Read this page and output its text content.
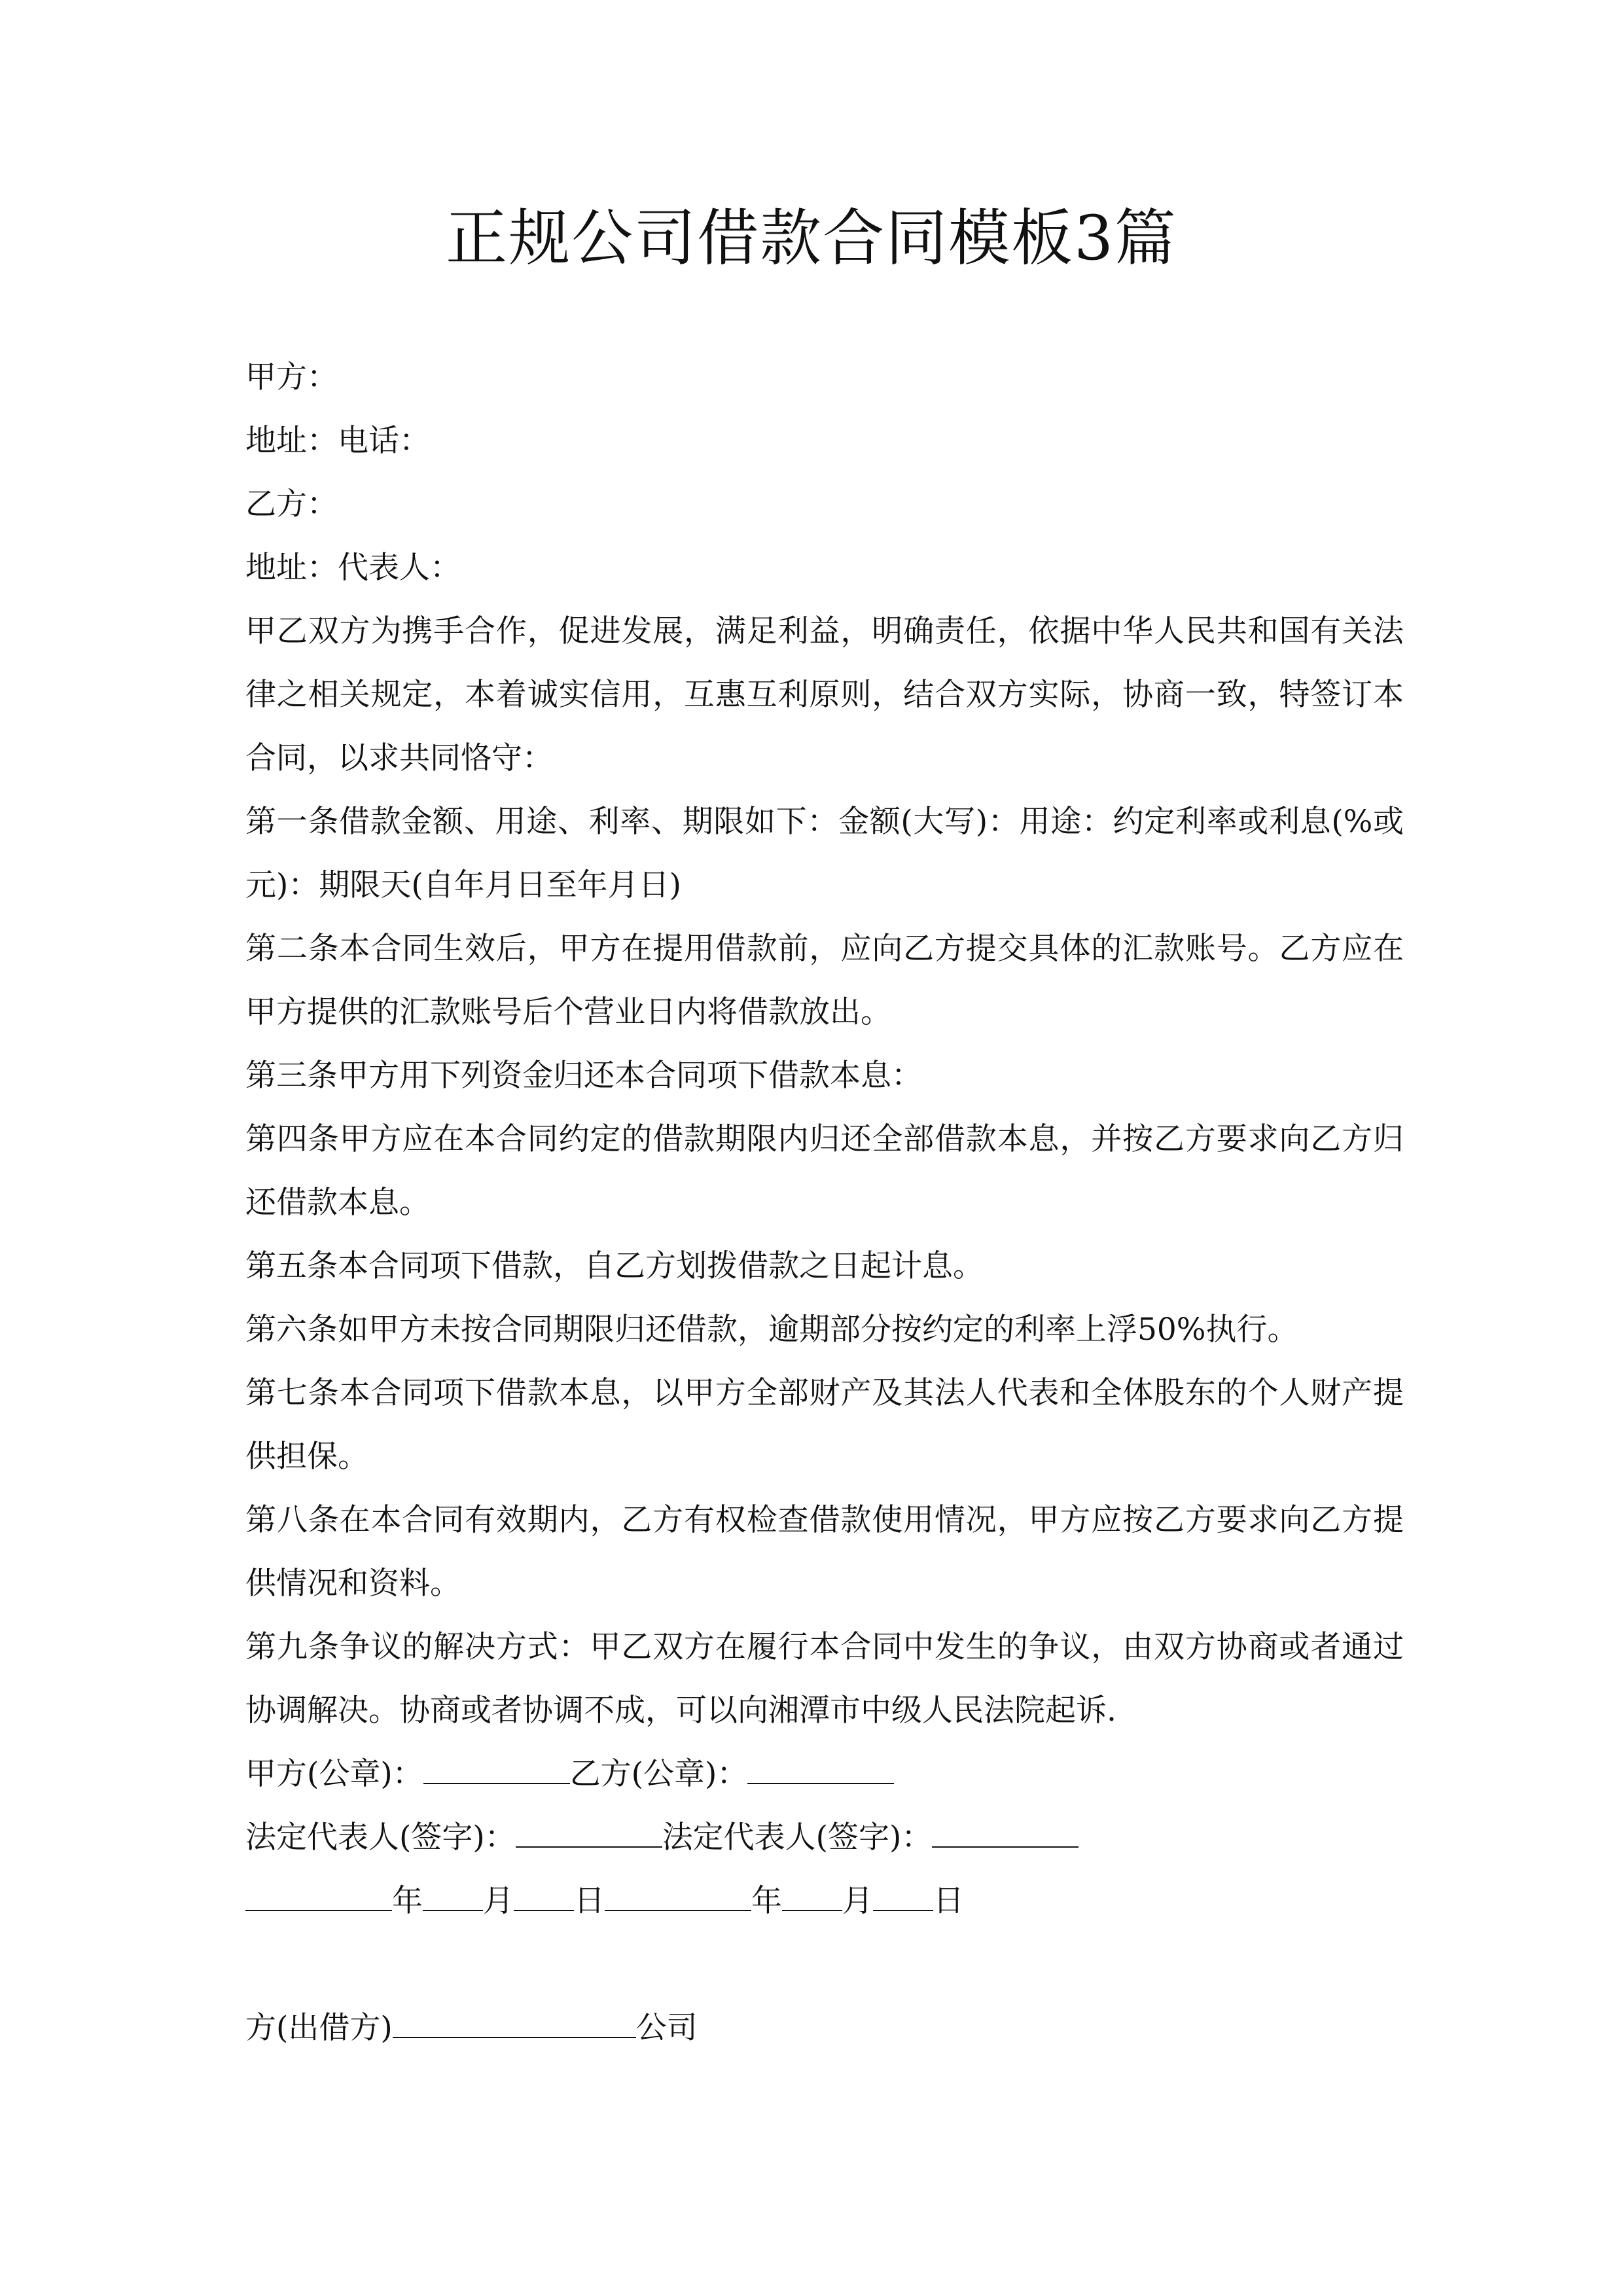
正规公司借款合同模板3篇
甲方：
地址：电话：
乙方：
地址：代表人：
甲乙双方为携手合作，促进发展，满足利益，明确责任，依据中华人民共和国有关法律之相关规定，本着诚实信用，互惠互利原则，结合双方实际，协商一致，特签订本合同，以求共同恪守：
第一条借款金额、用途、利率、期限如下：金额(大写)：用途：约定利率或利息(%或元)：期限天(自年月日至年月日)
第二条本合同生效后，甲方在提用借款前，应向乙方提交具体的汇款账号。乙方应在甲方提供的汇款账号后个营业日内将借款放出。
第三条甲方用下列资金归还本合同项下借款本息：
第四条甲方应在本合同约定的借款期限内归还全部借款本息，并按乙方要求向乙方归还借款本息。
第五条本合同项下借款，自乙方划拨借款之日起计息。
第六条如甲方未按合同期限归还借款，逾期部分按约定的利率上浮50%执行。
第七条本合同项下借款本息，以甲方全部财产及其法人代表和全体股东的个人财产提供担保。
第八条在本合同有效期内，乙方有权检查借款使用情况，甲方应按乙方要求向乙方提供情况和资料。
第九条争议的解决方式：甲乙双方在履行本合同中发生的争议，由双方协商或者通过协调解决。协商或者协调不成，可以向湘潭市中级人民法院起诉.
甲方(公章)：	乙方(公章)：
法定代表人(签字)：	法定代表人(签字)：
年 月 日	年 月 日
方(出借方)	公司
